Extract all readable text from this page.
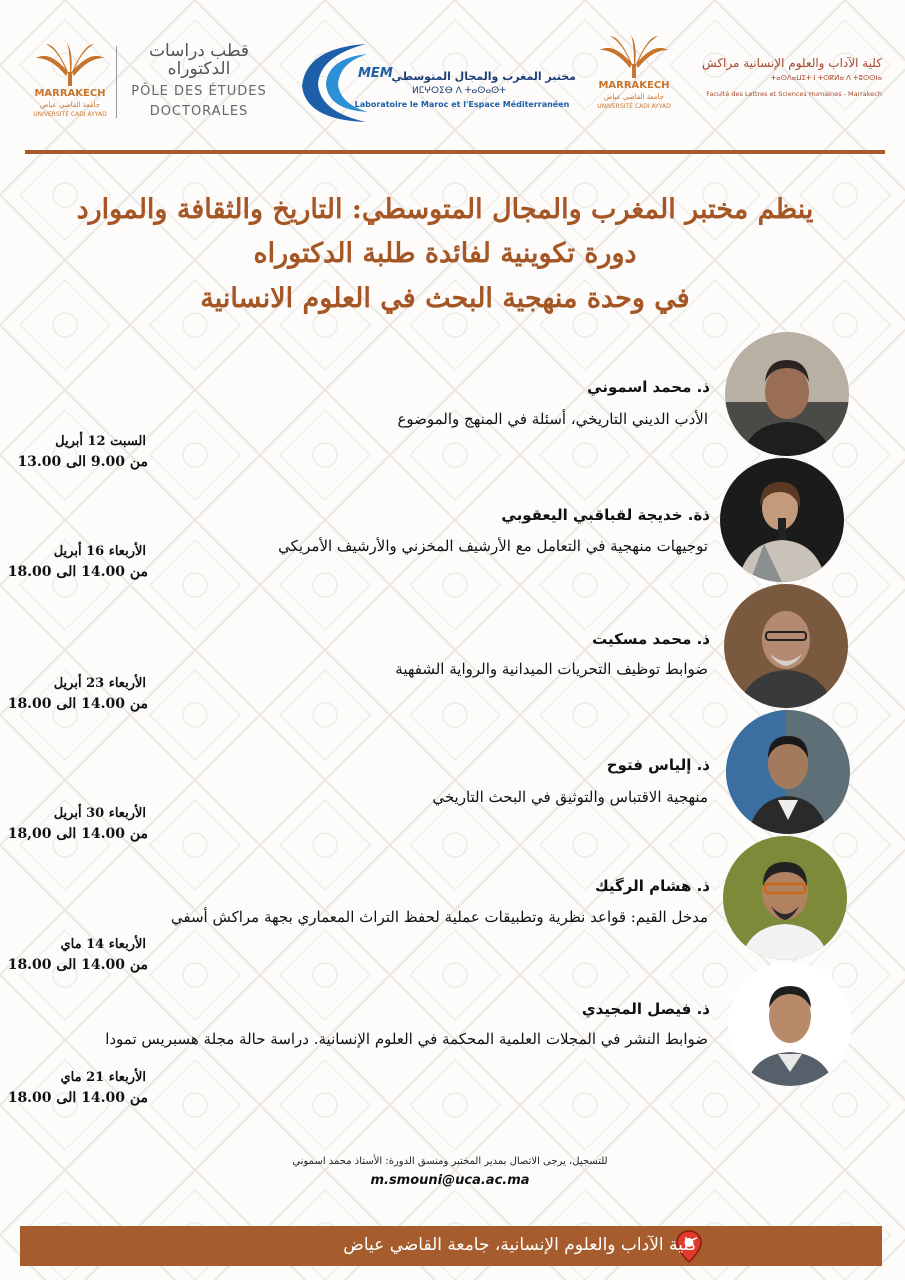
MARRAKECH
جامعة القاضي عياض
UNIVERSITÉ CADI AYYAD
قطب دراسات الدكتوراه
PÔLE DES ÉTUDES
DOCTORALES
MEM
مختبر المغرب والمجال المتوسطي
ⵍⵎⵖⵔⵉⴱ ⴷ ⵜⴰⵙⴰⵙⵜ
Laboratoire le Maroc et l'Espace Méditerranéen
MARRAKECH
جامعة القاضي عياض
UNIVERSITÉ CADI AYYAD
كلية الآداب والعلوم الإنسانية مراكش
ⵜⴰⵙⴷⴰⵡⵉⵜ ⵏ ⵜⵙⴽⵍⴰ ⴷ ⵜⵓⵙⵙⵏⴰ
Faculté des Lettres et Sciences Humaines - Marrakech
ينظم مختبر المغرب والمجال المتوسطي: التاريخ والثقافة والموارد
دورة تكوينية لفائدة طلبة الدكتوراه
في وحدة منهجية البحث في العلوم الانسانية
ذ. محمد اسموني
الأدب الديني التاريخي، أسئلة في المنهج والموضوع
السبت 12 أبريل
من 9.00 الى 13.00
ذة. خديجة لقباقبي اليعقوبي
توجيهات منهجية في التعامل مع الأرشيف المخزني والأرشيف الأمريكي
الأربعاء 16 أبريل
من 14.00 الى 18.00
ذ. محمد مسكيت
ضوابط توظيف التحريات الميدانية والرواية الشفهية
الأربعاء 23 أبريل
من 14.00 الى 18.00
ذ. إلياس فتوح
منهجية الاقتباس والتوثيق في البحث التاريخي
الأربعاء 30 أبريل
من 14.00 الى 18,00
ذ. هشام الرگيك
مدخل القيم: قواعد نظرية وتطبيقات عملية لحفظ التراث المعماري بجهة مراكش أسفي
الأربعاء 14 ماي
من 14.00 الى 18.00
ذ. فيصل المجيدي
ضوابط النشر في المجلات العلمية المحكمة في العلوم الإنسانية. دراسة حالة مجلة هسبريس تمودا
الأربعاء 21 ماي
من 14.00 الى 18.00
للتسجيل، يرجى الاتصال بمدير المختبر ومنسق الدورة: الأستاذ محمد اسموني
m.smouni@uca.ac.ma
كلية الآداب والعلوم الإنسانية، جامعة القاضي عياض
